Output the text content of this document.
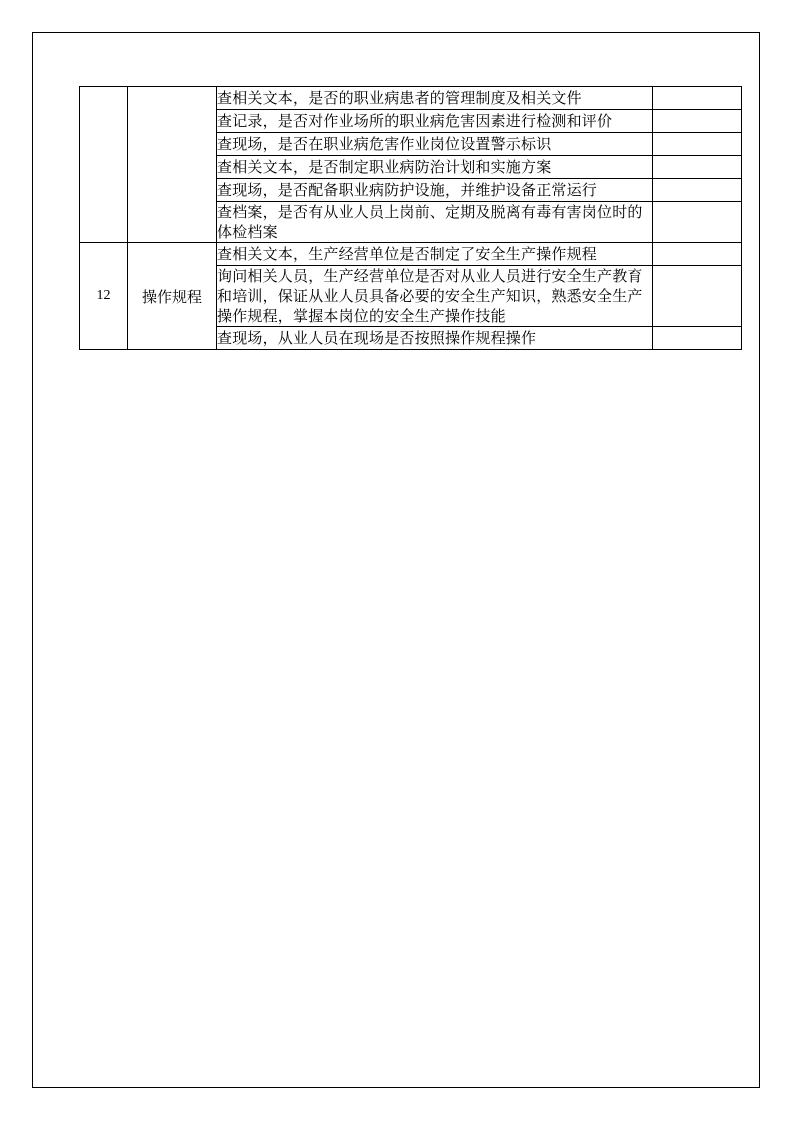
		查相关文本，是否的职业病患者的管理制度及相关文件	
		查记录，是否对作业场所的职业病危害因素进行检测和评价	
		查现场，是否在职业病危害作业岗位设置警示标识	
		查相关文本，是否制定职业病防治计划和实施方案	
		查现场，是否配备职业病防护设施，并维护设备正常运行	
		查档案，是否有从业人员上岗前、定期及脱离有毒有害岗位时的体检档案	
12	操作规程	查相关文本，生产经营单位是否制定了安全生产操作规程	
		询问相关人员，生产经营单位是否对从业人员进行安全生产教育和培训，保证从业人员具备必要的安全生产知识，熟悉安全生产操作规程，掌握本岗位的安全生产操作技能	
		查现场，从业人员在现场是否按照操作规程操作	
